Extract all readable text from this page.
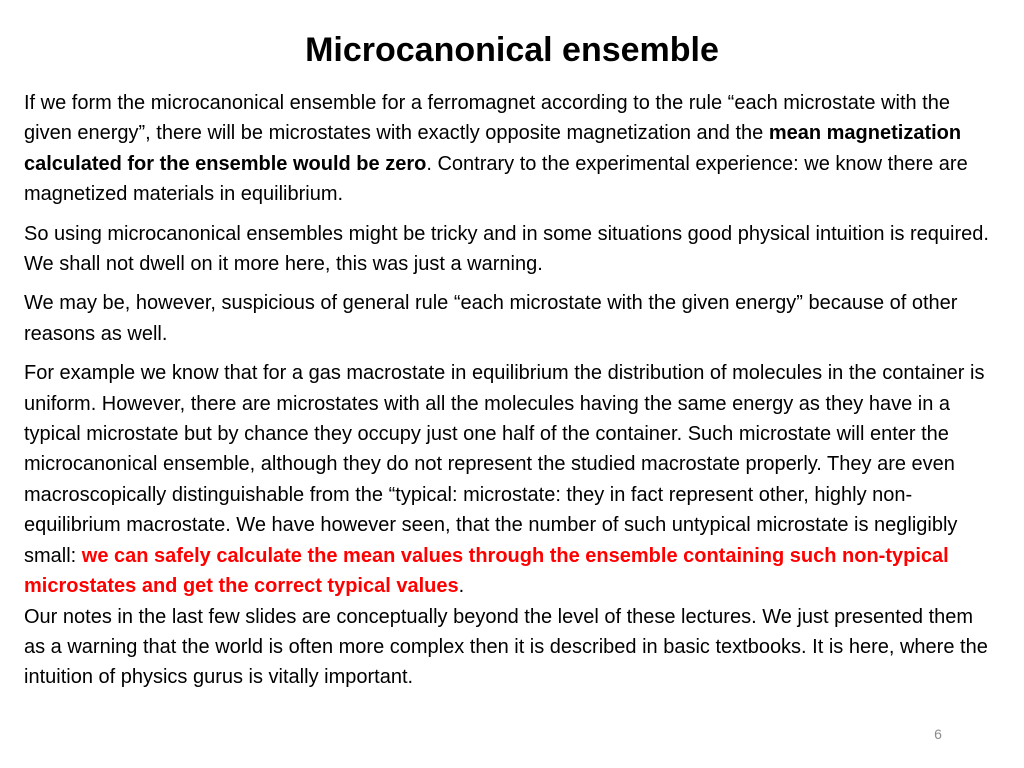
Microcanonical ensemble

If we form the microcanonical ensemble for a ferromagnet according to the rule “each microstate with the given energy”, there will be microstates with exactly opposite magnetization and the mean magnetization calculated for the ensemble would be zero. Contrary to the experimental experience: we know there are magnetized materials in equilibrium.

So using microcanonical ensembles might be tricky and in some situations good physical intuition is required. We shall not dwell on it more here, this was just a warning.

We may be, however, suspicious of general rule “each microstate with the given energy” because of other reasons as well.

For example we know that for a gas macrostate in equilibrium the distribution of molecules in the container is uniform. However, there are microstates with all the molecules having the same energy as they have in a typical microstate but by chance they occupy just one half of the container. Such microstate will enter the microcanonical ensemble, although they do not represent the studied macrostate properly. They are even macroscopically distinguishable from the “typical: microstate: they in fact represent other, highly non-equilibrium macrostate. We have however seen, that the number of such untypical microstate is negligibly small: we can safely calculate the mean values through the ensemble containing such non-typical microstates and get the correct typical values.

Our notes in the last few slides are conceptually beyond the level of these lectures. We just presented them as a warning that the world is often more complex then it is described in basic textbooks. It is here, where the intuition of physics gurus is vitally important.

6
